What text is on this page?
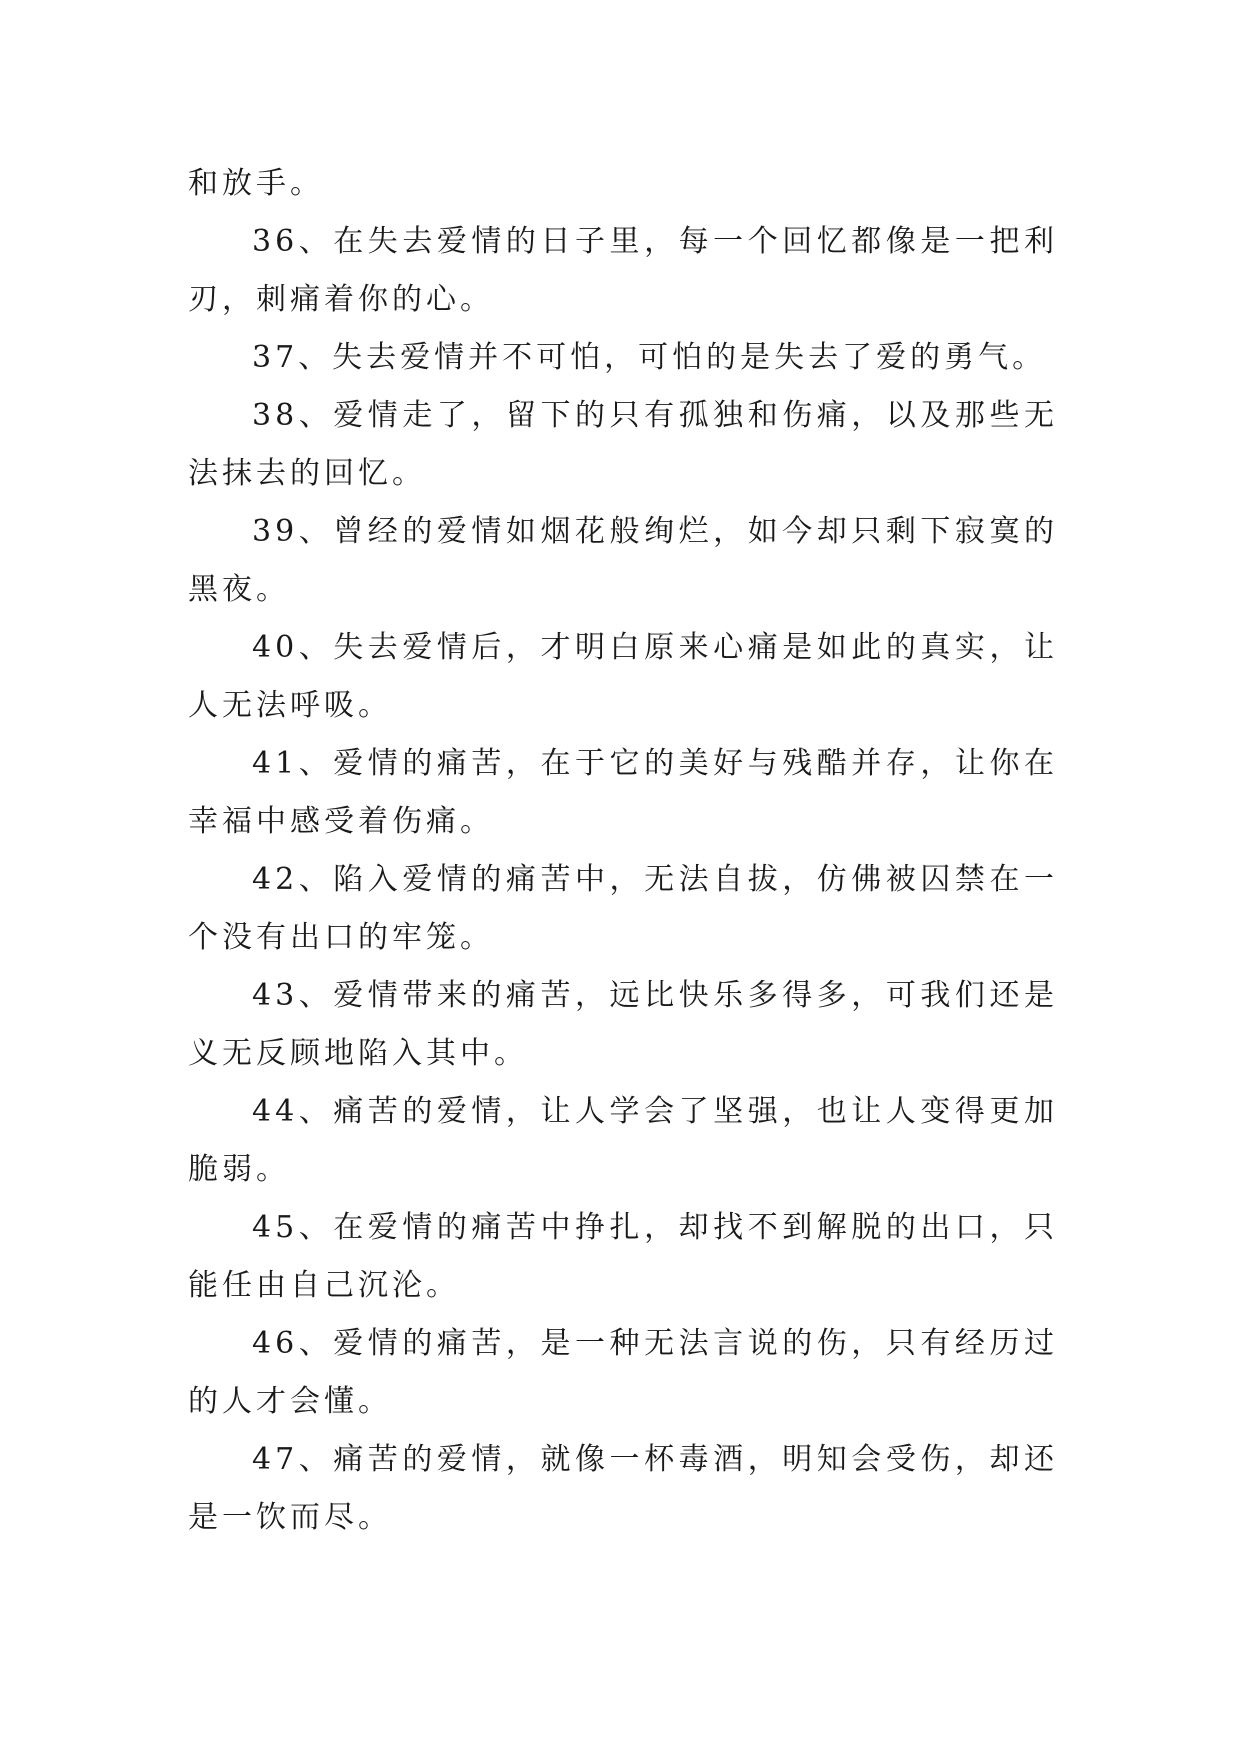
和放手。

36、在失去爱情的日子里，每一个回忆都像是一把利刃，刺痛着你的心。

37、失去爱情并不可怕，可怕的是失去了爱的勇气。

38、爱情走了，留下的只有孤独和伤痛，以及那些无法抹去的回忆。

39、曾经的爱情如烟花般绚烂，如今却只剩下寂寞的黑夜。

40、失去爱情后，才明白原来心痛是如此的真实，让人无法呼吸。

41、爱情的痛苦，在于它的美好与残酷并存，让你在幸福中感受着伤痛。

42、陷入爱情的痛苦中，无法自拔，仿佛被囚禁在一个没有出口的牢笼。

43、爱情带来的痛苦，远比快乐多得多，可我们还是义无反顾地陷入其中。

44、痛苦的爱情，让人学会了坚强，也让人变得更加脆弱。

45、在爱情的痛苦中挣扎，却找不到解脱的出口，只能任由自己沉沦。

46、爱情的痛苦，是一种无法言说的伤，只有经历过的人才会懂。

47、痛苦的爱情，就像一杯毒酒，明知会受伤，却还是一饮而尽。
